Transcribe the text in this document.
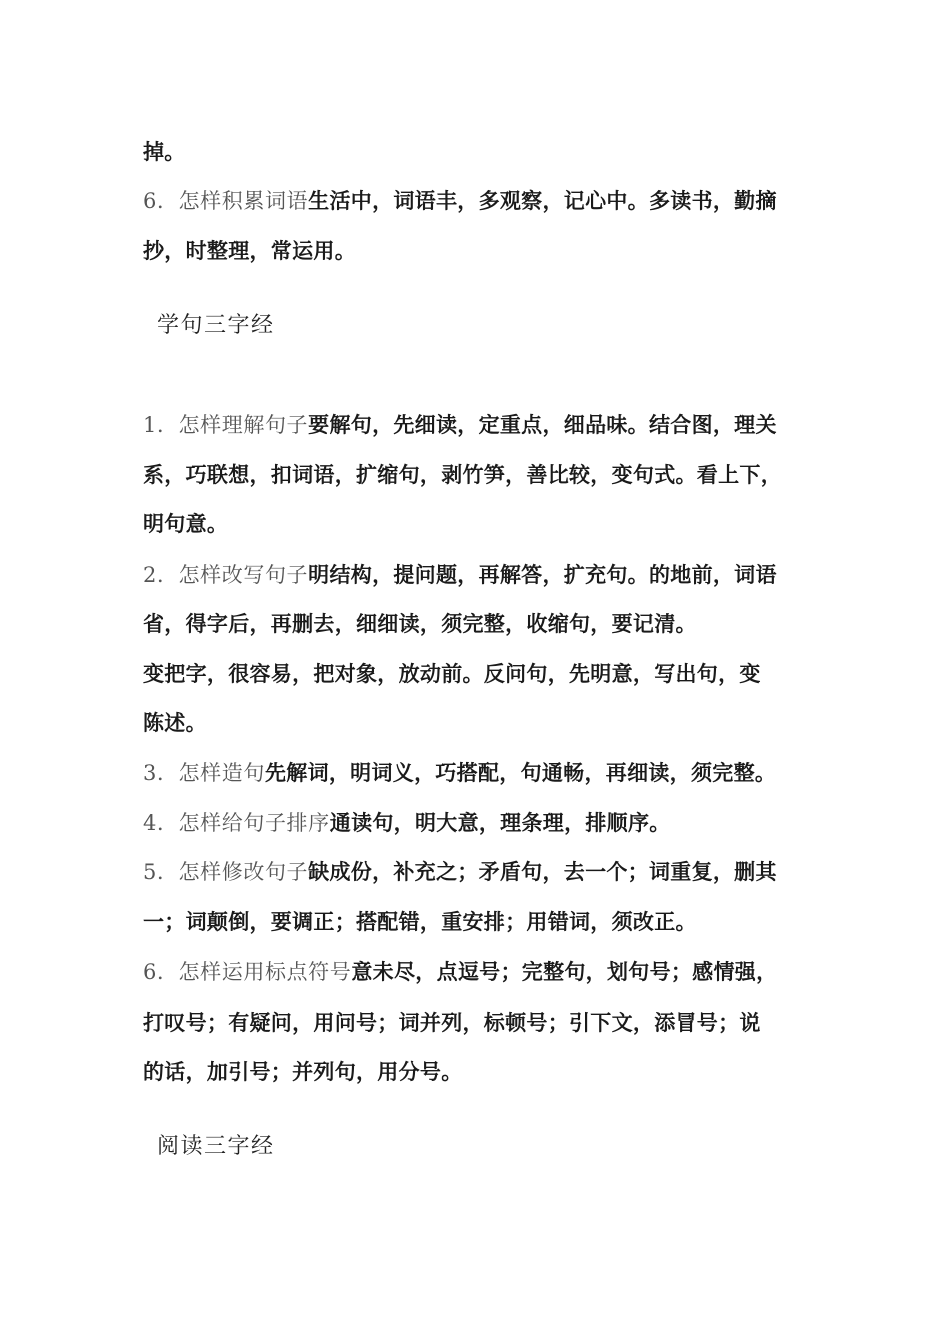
掉。
6．怎样积累词语生活中，词语丰，多观察，记心中。多读书，勤摘
抄，时整理，常运用。
学句三字经
1．怎样理解句子要解句，先细读，定重点，细品味。结合图，理关
系，巧联想，扣词语，扩缩句，剥竹笋，善比较，变句式。看上下，
明句意。
2．怎样改写句子明结构，提问题，再解答，扩充句。的地前，词语
省，得字后，再删去，细细读，须完整，收缩句，要记清。
变把字，很容易，把对象，放动前。反问句，先明意，写出句，变
陈述。
3．怎样造句先解词，明词义，巧搭配，句通畅，再细读，须完整。
4．怎样给句子排序通读句，明大意，理条理，排顺序。
5．怎样修改句子缺成份，补充之；矛盾句，去一个；词重复，删其
一；词颠倒，要调正；搭配错，重安排；用错词，须改正。
6．怎样运用标点符号意未尽，点逗号；完整句，划句号；感情强，
打叹号；有疑问，用问号；词并列，标顿号；引下文，添冒号；说
的话，加引号；并列句，用分号。
阅读三字经
